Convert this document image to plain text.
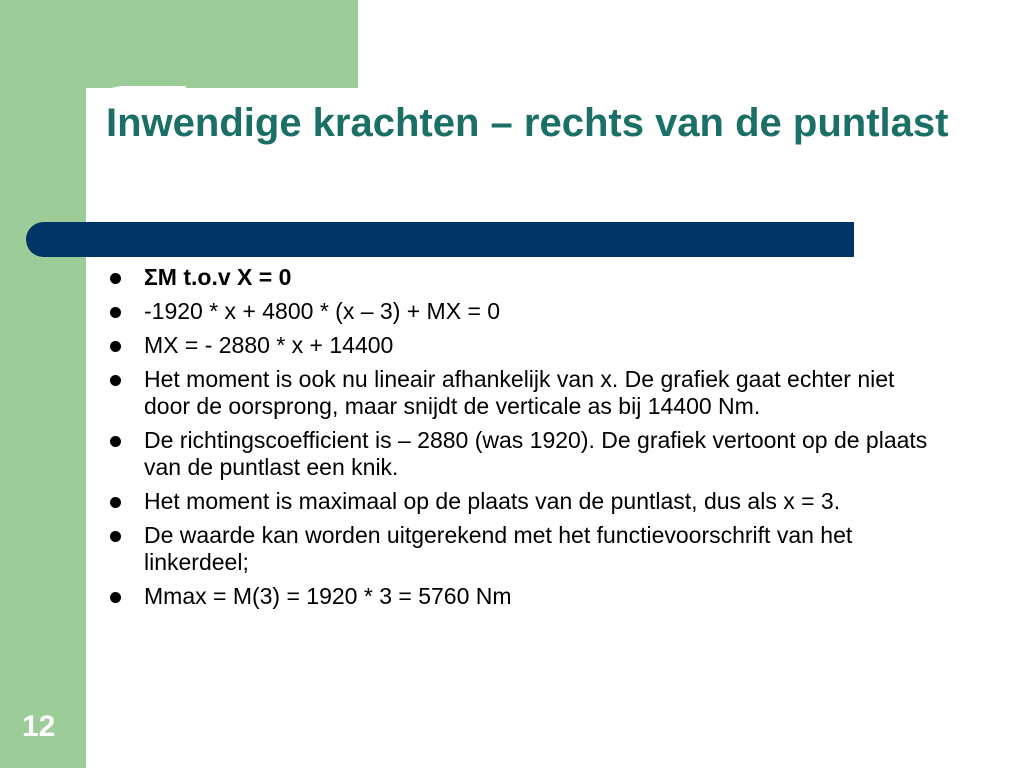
Inwendige krachten – rechts van de puntlast
ΣM t.o.v X = 0
-1920 * x + 4800 * (x – 3) + MX = 0
MX = - 2880 * x + 14400
Het moment is ook nu lineair afhankelijk van x. De grafiek gaat echter niet door de oorsprong, maar snijdt de verticale as bij 14400 Nm.
De richtingscoefficient is – 2880 (was 1920). De grafiek vertoont op de plaats van de puntlast een knik.
Het moment is maximaal op de plaats van de puntlast, dus als x = 3.
De waarde kan worden uitgerekend met het functievoorschrift van het linkerdeel;
Mmax = M(3) = 1920 * 3 = 5760 Nm
12
